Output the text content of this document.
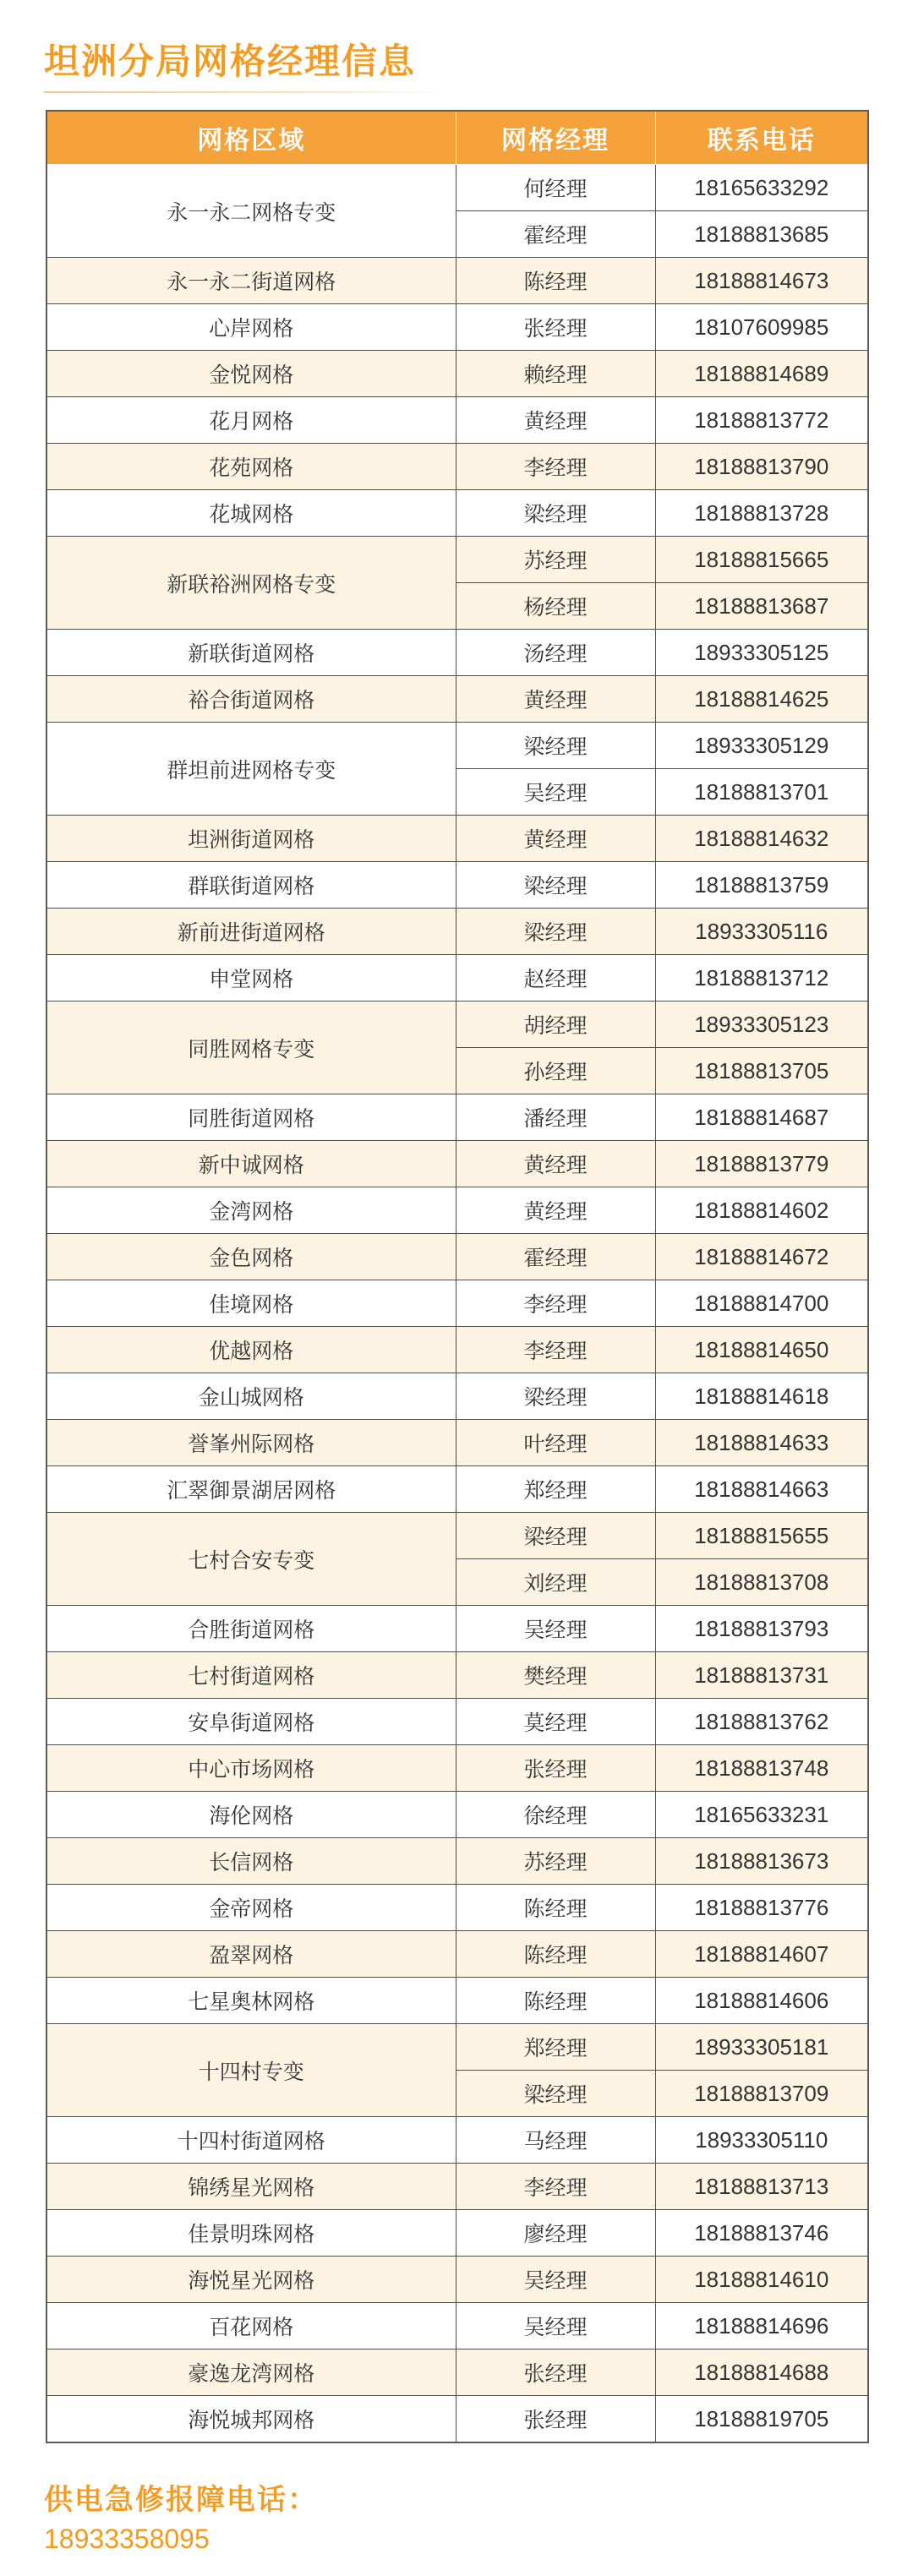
坦洲分局网格经理信息
网格区域	网格经理	联系电话
永一永二网格专变	何经理	18165633292
	霍经理	18188813685
永一永二街道网格	陈经理	18188814673
心岸网格	张经理	18107609985
金悦网格	赖经理	18188814689
花月网格	黄经理	18188813772
花苑网格	李经理	18188813790
花城网格	梁经理	18188813728
新联裕洲网格专变	苏经理	18188815665
	杨经理	18188813687
新联街道网格	汤经理	18933305125
裕合街道网格	黄经理	18188814625
群坦前进网格专变	梁经理	18933305129
	吴经理	18188813701
坦洲街道网格	黄经理	18188814632
群联街道网格	梁经理	18188813759
新前进街道网格	梁经理	18933305116
申堂网格	赵经理	18188813712
同胜网格专变	胡经理	18933305123
	孙经理	18188813705
同胜街道网格	潘经理	18188814687
新中诚网格	黄经理	18188813779
金湾网格	黄经理	18188814602
金色网格	霍经理	18188814672
佳境网格	李经理	18188814700
优越网格	李经理	18188814650
金山城网格	梁经理	18188814618
誉峯州际网格	叶经理	18188814633
汇翠御景湖居网格	郑经理	18188814663
七村合安专变	梁经理	18188815655
	刘经理	18188813708
合胜街道网格	吴经理	18188813793
七村街道网格	樊经理	18188813731
安阜街道网格	莫经理	18188813762
中心市场网格	张经理	18188813748
海伦网格	徐经理	18165633231
长信网格	苏经理	18188813673
金帝网格	陈经理	18188813776
盈翠网格	陈经理	18188814607
七星奥林网格	陈经理	18188814606
十四村专变	郑经理	18933305181
	梁经理	18188813709
十四村街道网格	马经理	18933305110
锦绣星光网格	李经理	18188813713
佳景明珠网格	廖经理	18188813746
海悦星光网格	吴经理	18188814610
百花网格	吴经理	18188814696
豪逸龙湾网格	张经理	18188814688
海悦城邦网格	张经理	18188819705
供电急修报障电话：
18933358095
